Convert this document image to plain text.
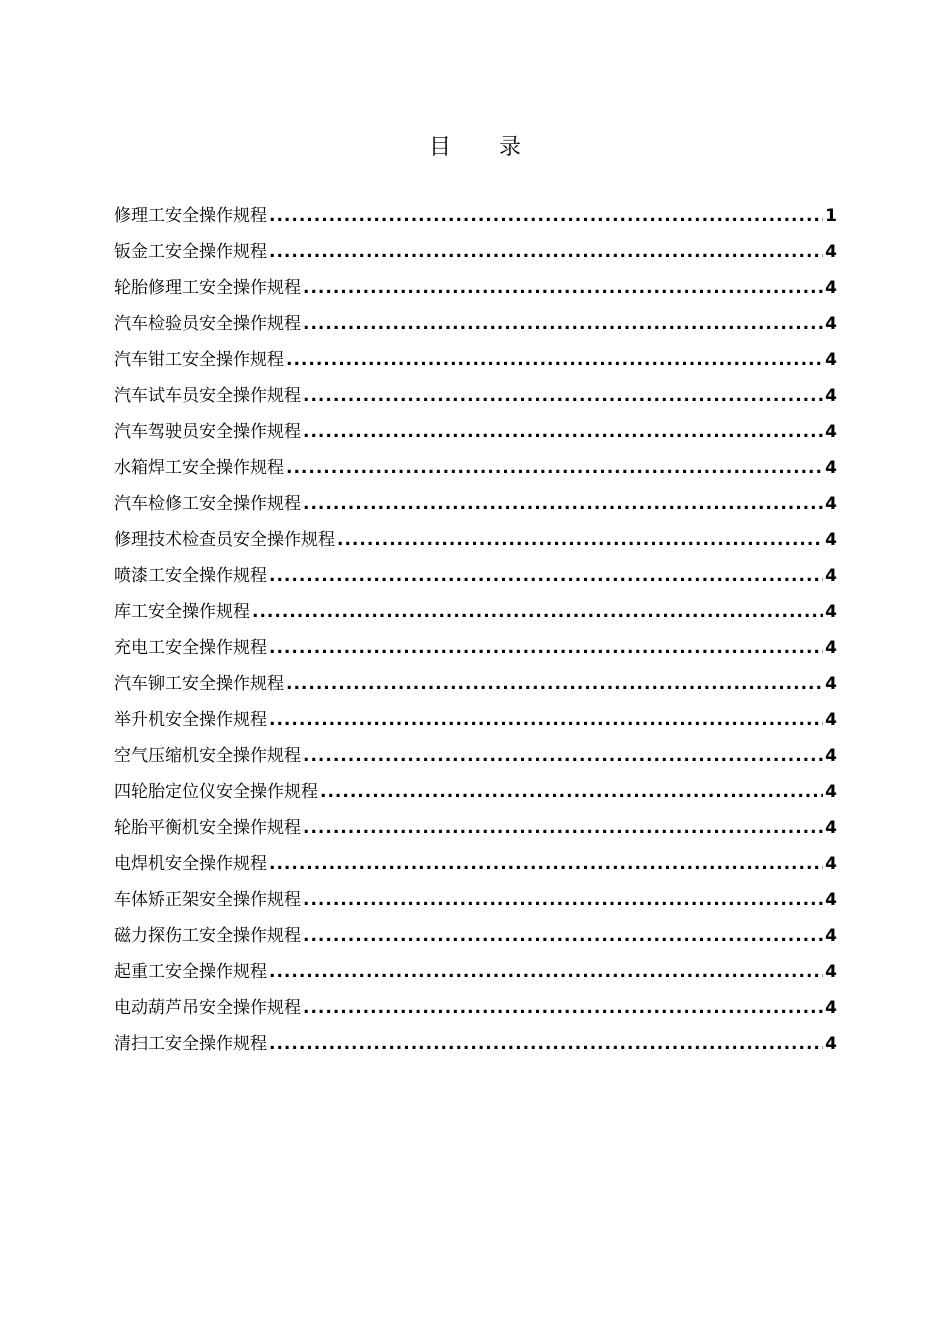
目 录
修理工安全操作规程 .....	1
钣金工安全操作规程 .....	4
轮胎修理工安全操作规程 .....	4
汽车检验员安全操作规程 .....	4
汽车钳工安全操作规程 .....	4
汽车试车员安全操作规程 .....	4
汽车驾驶员安全操作规程 .....	4
水箱焊工安全操作规程 .....	4
汽车检修工安全操作规程 .....	4
修理技术检查员安全操作规程 .....	4
喷漆工安全操作规程 .....	4
库工安全操作规程 .....	4
充电工安全操作规程 .....	4
汽车铆工安全操作规程 .....	4
举升机安全操作规程 .....	4
空气压缩机安全操作规程 .....	4
四轮胎定位仪安全操作规程 .....	4
轮胎平衡机安全操作规程 .....	4
电焊机安全操作规程 .....	4
车体矫正架安全操作规程 .....	4
磁力探伤工安全操作规程 .....	4
起重工安全操作规程 .....	4
电动葫芦吊安全操作规程 .....	4
清扫工安全操作规程 .....	4
